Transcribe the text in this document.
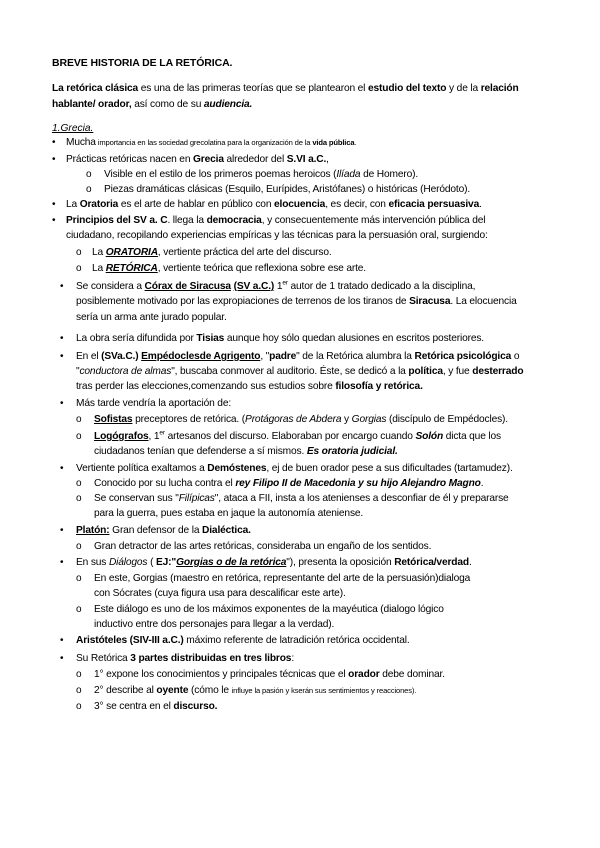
BREVE HISTORIA DE LA RETÓRICA.
La retórica clásica es una de las primeras teorías que se plantearon el estudio del texto y de la relación
hablante/ orador, así como de su audiencia.
1.Grecia.
• Mucha importancia en las sociedad grecolatina para la organización de la vida pública.
• Prácticas retóricas nacen en Grecia alrededor del S.VI a.C.,
o Visible en el estilo de los primeros poemas heroicos (Ilíada de Homero).
o Piezas dramáticas clásicas (Esquilo, Eurípides, Aristófanes) o históricas (Heródoto).
• La Oratoria es el arte de hablar en público con elocuencia, es decir, con eficacia persuasiva.
• Principios del SV a. C. llega la democracia, y consecuentemente más intervención pública del
ciudadano, recopilando experiencias empíricas y las técnicas para la persuasión oral, surgiendo:
o La ORATORIA, vertiente práctica del arte del discurso.
o La RETÓRICA, vertiente teórica que reflexiona sobre ese arte.
• Se considera a Córax de Siracusa (SV a.C.) 1er autor de 1 tratado dedicado a la disciplina,
posiblemente motivado por las expropiaciones de terrenos de los tiranos de Siracusa. La elocuencia
sería un arma ante jurado popular.
• La obra sería difundida por Tisias aunque hoy sólo quedan alusiones en escritos posteriores.
• En el (SVa.C.) Empédoclesde Agrigento, "padre" de la Retórica alumbra la Retórica psicológica o
"conductora de almas", buscaba conmover al auditorio. Éste, se dedicó a la política, y fue desterrado
tras perder las elecciones,comenzando sus estudios sobre filosofía y retórica.
• Más tarde vendría la aportación de:
o Sofistas preceptores de retórica. (Protágoras de Abdera y Gorgias (discípulo de Empédocles).
o Logógrafos, 1er artesanos del discurso. Elaboraban por encargo cuando Solón dicta que los
ciudadanos tenían que defenderse a sí mismos. Es oratoria judicial.
• Vertiente política exaltamos a Demóstenes, ej de buen orador pese a sus dificultades (tartamudez).
o Conocido por su lucha contra el rey Filipo II de Macedonia y su hijo Alejandro Magno.
o Se conservan sus "Filípicas", ataca a FII, insta a los atenienses a desconfiar de él y prepararse
para la guerra, pues estaba en jaque la autonomía ateniense.
• Platón: Gran defensor de la Dialéctica.
o Gran detractor de las artes retóricas, consideraba un engaño de los sentidos.
• En sus Diálogos ( EJ:"Gorgias o de la retórica"), presenta la oposición Retórica/verdad.
o En este, Gorgias (maestro en retórica, representante del arte de la persuasión)dialoga
con Sócrates (cuya figura usa para descalificar este arte).
o Este diálogo es uno de los máximos exponentes de la mayéutica (dialogo lógico
inductivo entre dos personajes para llegar a la verdad).
• Aristóteles (SIV-III a.C.) máximo referente de latradición retórica occidental.
• Su Retórica 3 partes distribuidas en tres libros:
o 1° expone los conocimientos y principales técnicas que el orador debe dominar.
o 2° describe al oyente (cómo le influye la pasión y kserán sus sentimientos y reacciones).
o 3° se centra en el discurso.
